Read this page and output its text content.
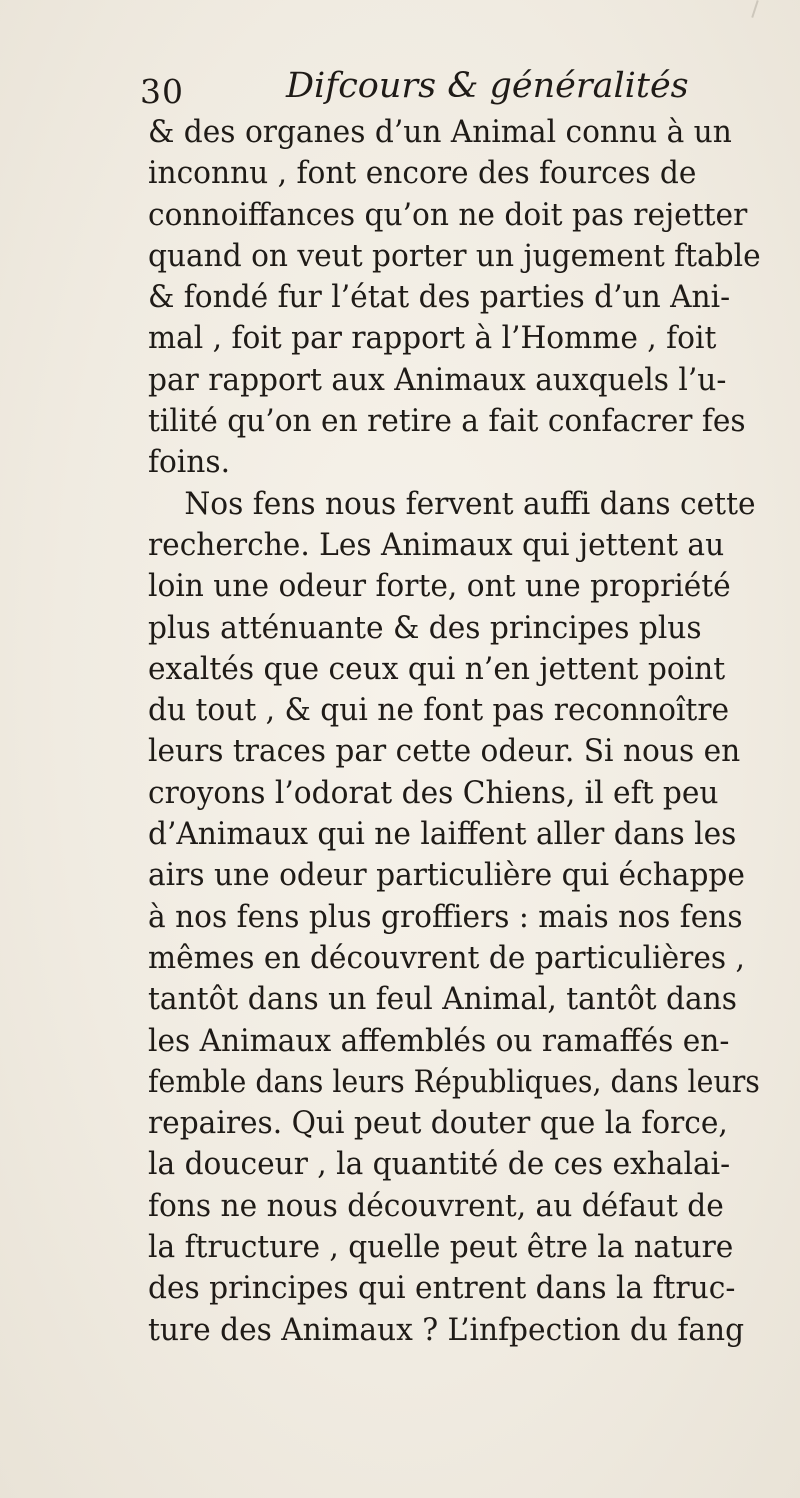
30	Difcours & généralités
& des organes d’un Animal connu à un
inconnu , font encore des fources de
connoiffances qu’on ne doit pas rejetter
quand on veut porter un jugement ftable
& fondé fur l’état des parties d’un Ani-
mal , foit par rapport à l’Homme , foit
par rapport aux Animaux auxquels l’u-
tilité qu’on en retire a fait confacrer fes
foins.
Nos fens nous fervent auffi dans cette
recherche. Les Animaux qui jettent au
loin une odeur forte, ont une propriété
plus atténuante & des principes plus
exaltés que ceux qui n’en jettent point
du tout , & qui ne font pas reconnoître
leurs traces par cette odeur. Si nous en
croyons l’odorat des Chiens, il eft peu
d’Animaux qui ne laiffent aller dans les
airs une odeur particulière qui échappe
à nos fens plus groffiers : mais nos fens
mêmes en découvrent de particulières ,
tantôt dans un feul Animal, tantôt dans
les Animaux affemblés ou ramaffés en-
femble dans leurs Républiques, dans leurs
repaires. Qui peut douter que la force,
la douceur , la quantité de ces exhalai-
fons ne nous découvrent, au défaut de
la ftructure , quelle peut être la nature
des principes qui entrent dans la ftruc-
ture des Animaux ? L’infpection du fang
